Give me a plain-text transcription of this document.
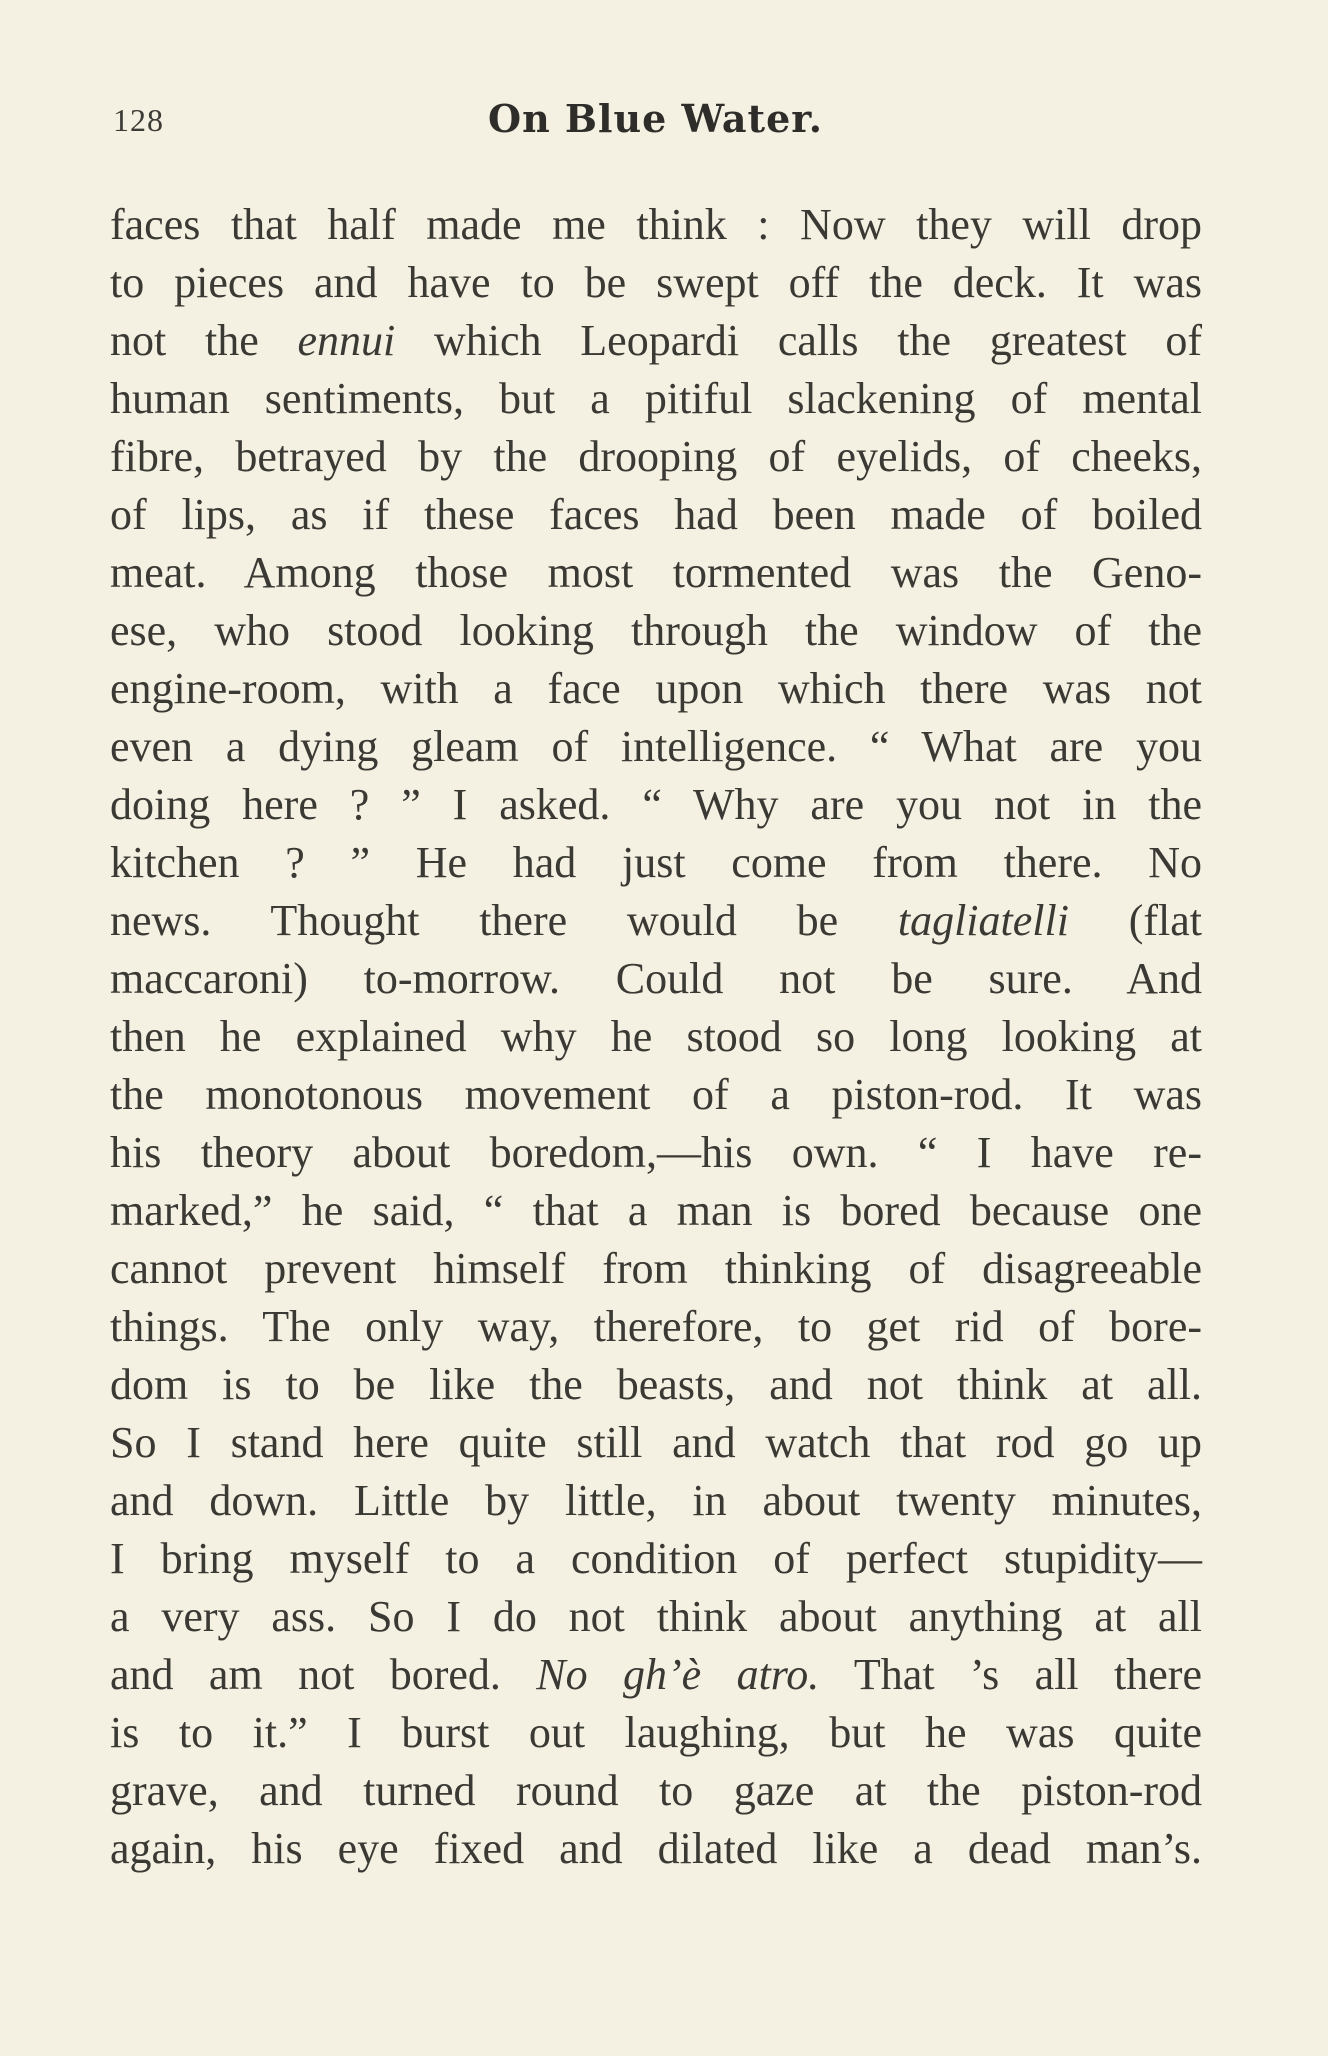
128	On Blue Water.
faces that half made me think : Now they will drop
to pieces and have to be swept off the deck. It was
not the ennui which Leopardi calls the greatest of
human sentiments, but a pitiful slackening of mental
fibre, betrayed by the drooping of eyelids, of cheeks,
of lips, as if these faces had been made of boiled
meat. Among those most tormented was the Geno-
ese, who stood looking through the window of the
engine-room, with a face upon which there was not
even a dying gleam of intelligence. “ What are you
doing here ? ” I asked. “ Why are you not in the
kitchen ? ” He had just come from there. No
news. Thought there would be tagliatelli (flat
maccaroni) to-morrow. Could not be sure. And
then he explained why he stood so long looking at
the monotonous movement of a piston-rod. It was
his theory about boredom,—his own. “ I have re-
marked,” he said, “ that a man is bored because one
cannot prevent himself from thinking of disagreeable
things. The only way, therefore, to get rid of bore-
dom is to be like the beasts, and not think at all.
So I stand here quite still and watch that rod go up
and down. Little by little, in about twenty minutes,
I bring myself to a condition of perfect stupidity—
a very ass. So I do not think about anything at all
and am not bored. No gh’è atro. That ’s all there
is to it.” I burst out laughing, but he was quite
grave, and turned round to gaze at the piston-rod
again, his eye fixed and dilated like a dead man’s.
